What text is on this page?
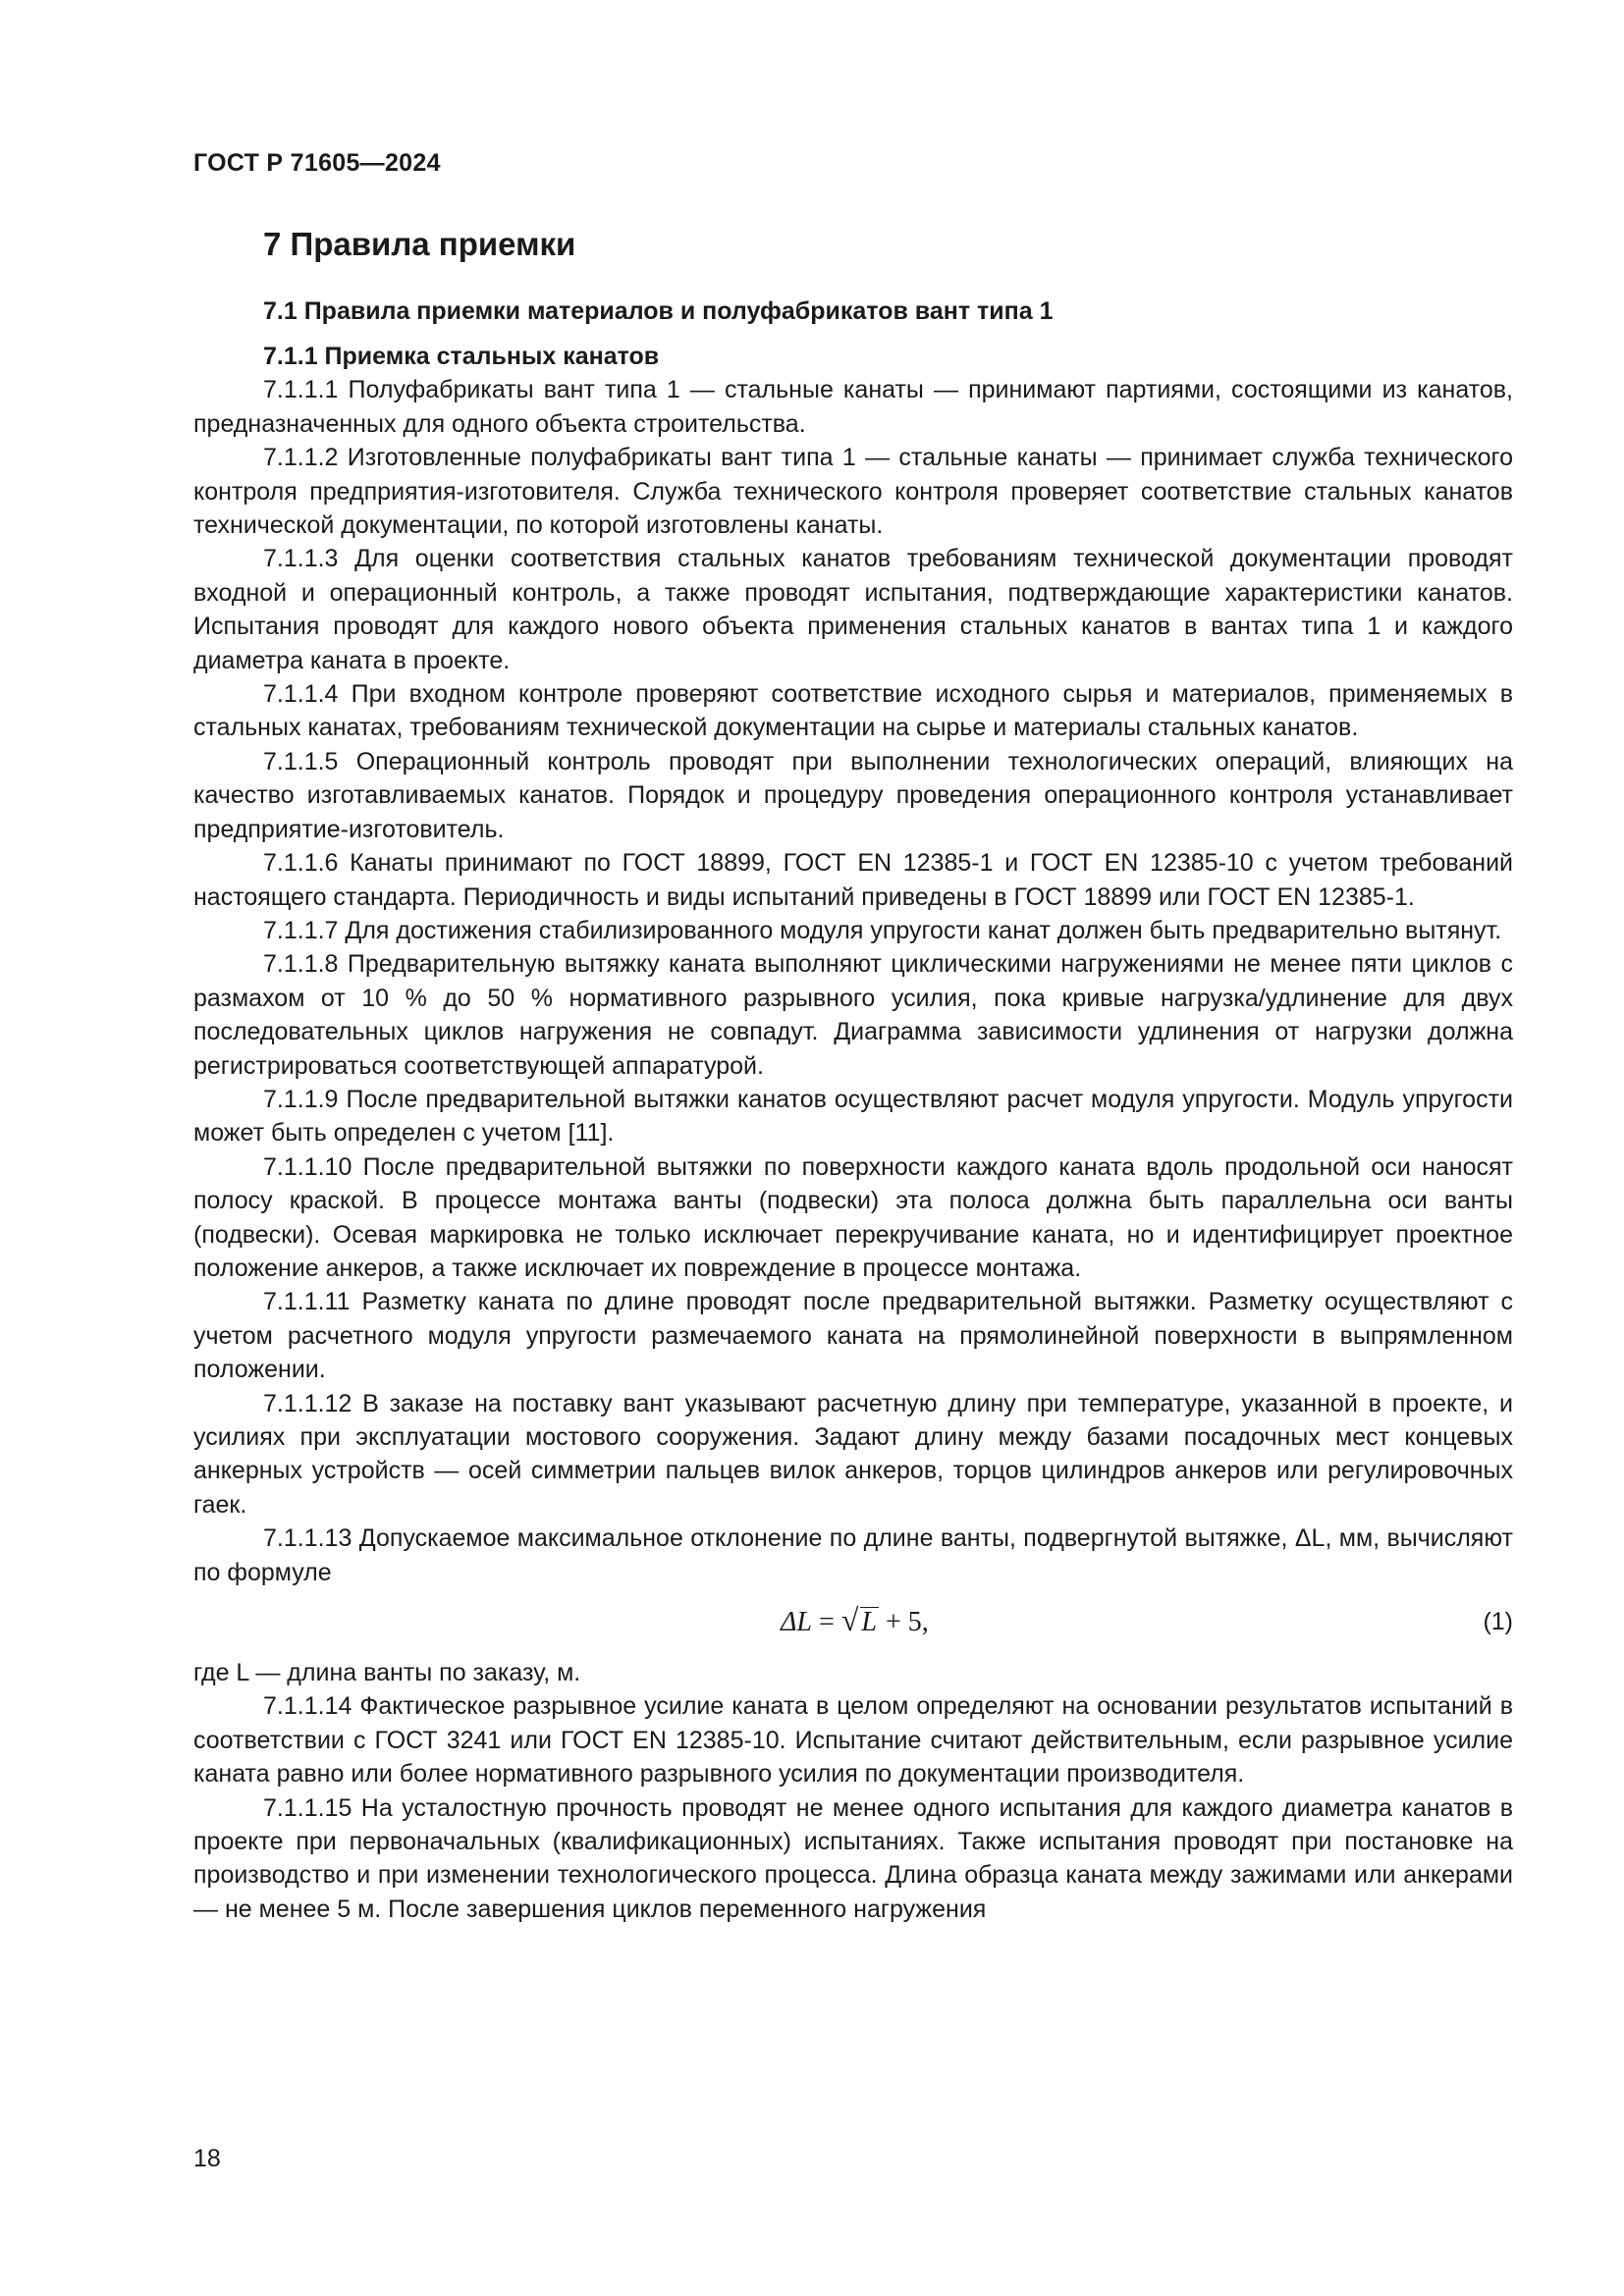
ГОСТ Р 71605—2024
7 Правила приемки
7.1 Правила приемки материалов и полуфабрикатов вант типа 1
7.1.1 Приемка стальных канатов

7.1.1.1 Полуфабрикаты вант типа 1 — стальные канаты — принимают партиями, состоящими из канатов, предназначенных для одного объекта строительства.

7.1.1.2 Изготовленные полуфабрикаты вант типа 1 — стальные канаты — принимает служба технического контроля предприятия-изготовителя. Служба технического контроля проверяет соответствие стальных канатов технической документации, по которой изготовлены канаты.

7.1.1.3 Для оценки соответствия стальных канатов требованиям технической документации проводят входной и операционный контроль, а также проводят испытания, подтверждающие характеристики канатов. Испытания проводят для каждого нового объекта применения стальных канатов в вантах типа 1 и каждого диаметра каната в проекте.

7.1.1.4 При входном контроле проверяют соответствие исходного сырья и материалов, применяемых в стальных канатах, требованиям технической документации на сырье и материалы стальных канатов.

7.1.1.5 Операционный контроль проводят при выполнении технологических операций, влияющих на качество изготавливаемых канатов. Порядок и процедуру проведения операционного контроля устанавливает предприятие-изготовитель.

7.1.1.6 Канаты принимают по ГОСТ 18899, ГОСТ EN 12385-1 и ГОСТ EN 12385-10 с учетом требований настоящего стандарта. Периодичность и виды испытаний приведены в ГОСТ 18899 или ГОСТ EN 12385-1.

7.1.1.7 Для достижения стабилизированного модуля упругости канат должен быть предварительно вытянут.

7.1.1.8 Предварительную вытяжку каната выполняют циклическими нагружениями не менее пяти циклов с размахом от 10 % до 50 % нормативного разрывного усилия, пока кривые нагрузка/удлинение для двух последовательных циклов нагружения не совпадут. Диаграмма зависимости удлинения от нагрузки должна регистрироваться соответствующей аппаратурой.

7.1.1.9 После предварительной вытяжки канатов осуществляют расчет модуля упругости. Модуль упругости может быть определен с учетом [11].

7.1.1.10 После предварительной вытяжки по поверхности каждого каната вдоль продольной оси наносят полосу краской. В процессе монтажа ванты (подвески) эта полоса должна быть параллельна оси ванты (подвески). Осевая маркировка не только исключает перекручивание каната, но и идентифицирует проектное положение анкеров, а также исключает их повреждение в процессе монтажа.

7.1.1.11 Разметку каната по длине проводят после предварительной вытяжки. Разметку осуществляют с учетом расчетного модуля упругости размечаемого каната на прямолинейной поверхности в выпрямленном положении.

7.1.1.12 В заказе на поставку вант указывают расчетную длину при температуре, указанной в проекте, и усилиях при эксплуатации мостового сооружения. Задают длину между базами посадочных мест концевых анкерных устройств — осей симметрии пальцев вилок анкеров, торцов цилиндров анкеров или регулировочных гаек.

7.1.1.13 Допускаемое максимальное отклонение по длине ванты, подвергнутой вытяжке, ΔL, мм, вычисляют по формуле

ΔL = √ L + 5,	(1)

где L — длина ванты по заказу, м.

7.1.1.14 Фактическое разрывное усилие каната в целом определяют на основании результатов испытаний в соответствии с ГОСТ 3241 или ГОСТ EN 12385-10. Испытание считают действительным, если разрывное усилие каната равно или более нормативного разрывного усилия по документации производителя.

7.1.1.15 На усталостную прочность проводят не менее одного испытания для каждого диаметра канатов в проекте при первоначальных (квалификационных) испытаниях. Также испытания проводят при постановке на производство и при изменении технологического процесса. Длина образца каната между зажимами или анкерами — не менее 5 м. После завершения циклов переменного нагружения

18
